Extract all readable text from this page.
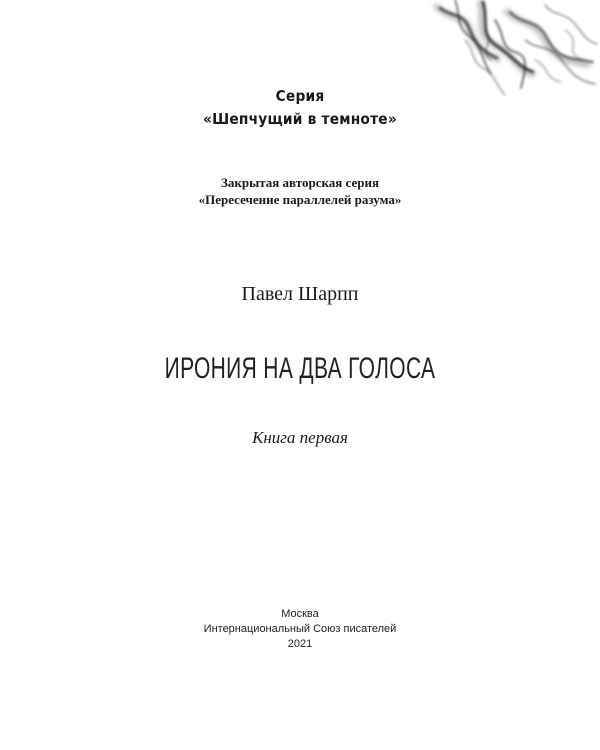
Серия
«Шепчущий в темноте»
Закрытая авторская серия
«Пересечение параллелей разума»
Павел Шарпп
ИРОНИЯ НА ДВА ГОЛОСА
Книга первая
Москва
Интернациональный Союз писателей
2021
